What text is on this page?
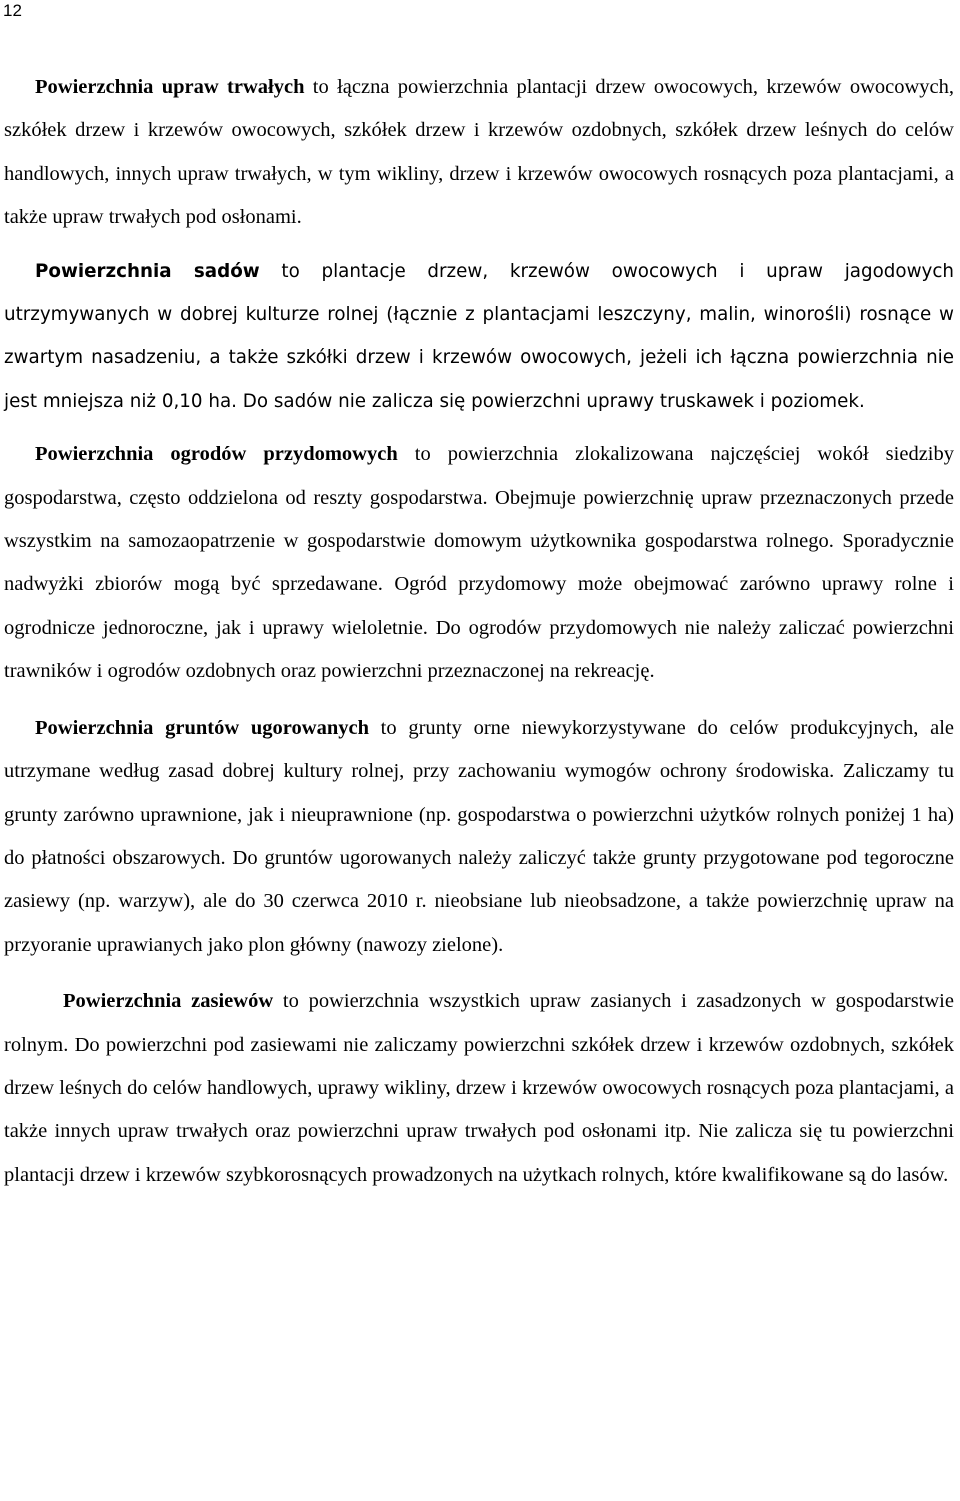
12

Powierzchnia upraw trwałych to łączna powierzchnia plantacji drzew owocowych, krzewów owocowych, szkółek drzew i krzewów owocowych, szkółek drzew i krzewów ozdobnych, szkółek drzew leśnych do celów handlowych, innych upraw trwałych, w tym wikliny, drzew i krzewów owocowych rosnących poza plantacjami, a także upraw trwałych pod osłonami.

Powierzchnia sadów to plantacje drzew, krzewów owocowych i upraw jagodowych utrzymywanych w dobrej kulturze rolnej (łącznie z plantacjami leszczyny, malin, winorośli) rosnące w zwartym nasadzeniu, a także szkółki drzew i krzewów owocowych, jeżeli ich łączna powierzchnia nie jest mniejsza niż 0,10 ha. Do sadów nie zalicza się powierzchni uprawy truskawek i poziomek.

Powierzchnia ogrodów przydomowych to powierzchnia zlokalizowana najczęściej wokół siedziby gospodarstwa, często oddzielona od reszty gospodarstwa. Obejmuje powierzchnię upraw przeznaczonych przede wszystkim na samozaopatrzenie w gospodarstwie domowym użytkownika gospodarstwa rolnego. Sporadycznie nadwyżki zbiorów mogą być sprzedawane. Ogród przydomowy może obejmować zarówno uprawy rolne i ogrodnicze jednoroczne, jak i uprawy wieloletnie. Do ogrodów przydomowych nie należy zaliczać powierzchni trawników i ogrodów ozdobnych oraz powierzchni przeznaczonej na rekreację.

Powierzchnia gruntów ugorowanych to grunty orne niewykorzystywane do celów produkcyjnych, ale utrzymane według zasad dobrej kultury rolnej, przy zachowaniu wymogów ochrony środowiska. Zaliczamy tu grunty zarówno uprawnione, jak i nieuprawnione (np. gospodarstwa o powierzchni użytków rolnych poniżej 1 ha) do płatności obszarowych. Do gruntów ugorowanych należy zaliczyć także grunty przygotowane pod tegoroczne zasiewy (np. warzyw), ale do 30 czerwca 2010 r. nieobsiane lub nieobsadzone, a także powierzchnię upraw na przyoranie uprawianych jako plon główny (nawozy zielone).

Powierzchnia zasiewów to powierzchnia wszystkich upraw zasianych i zasadzonych w gospodarstwie rolnym. Do powierzchni pod zasiewami nie zaliczamy powierzchni szkółek drzew i krzewów ozdobnych, szkółek drzew leśnych do celów handlowych, uprawy wikliny, drzew i krzewów owocowych rosnących poza plantacjami, a także innych upraw trwałych oraz powierzchni upraw trwałych pod osłonami itp. Nie zalicza się tu powierzchni plantacji drzew i krzewów szybkorosnących prowadzonych na użytkach rolnych, które kwalifikowane są do lasów.
